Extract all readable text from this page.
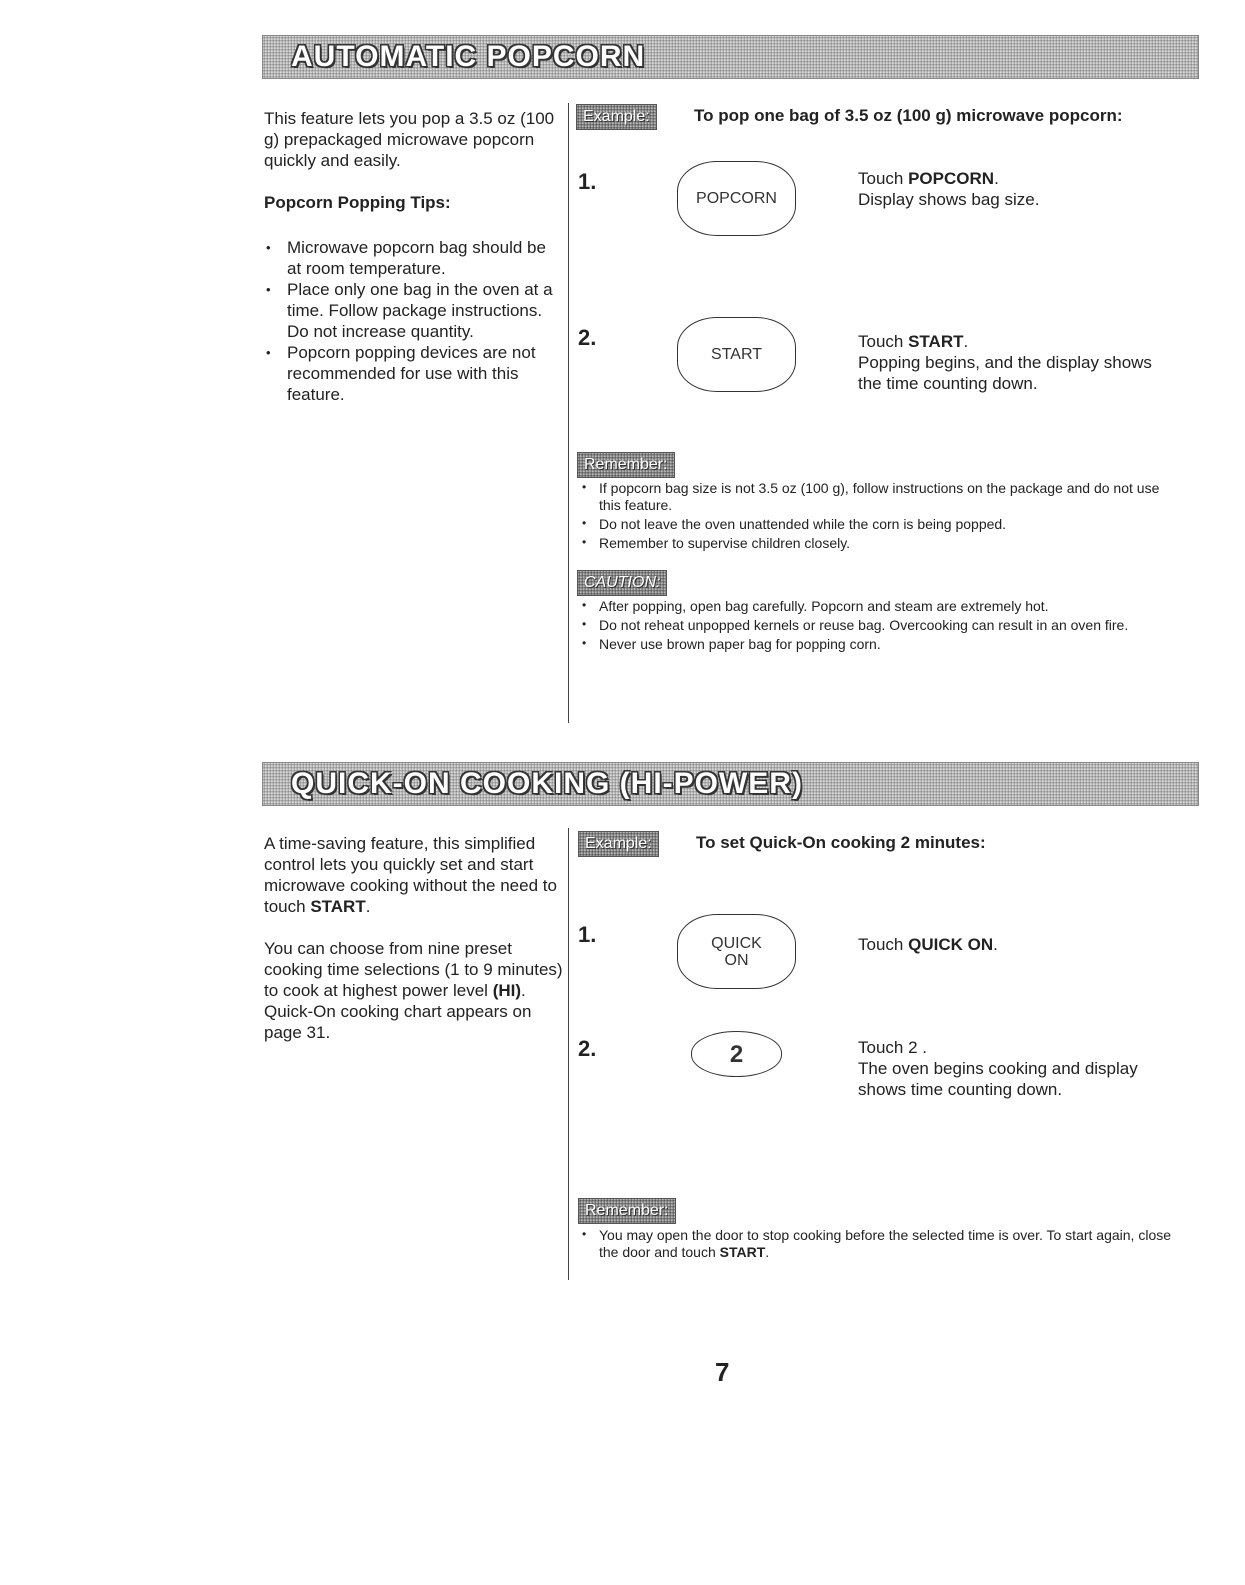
AUTOMATIC POPCORN

This feature lets you pop a 3.5 oz (100 g) prepackaged microwave popcorn quickly and easily.

Popcorn Popping Tips:

• Microwave popcorn bag should be at room temperature.
• Place only one bag in the oven at a time. Follow package instructions. Do not increase quantity.
• Popcorn popping devices are not recommended for use with this feature.
Example:	To pop one bag of 3.5 oz (100 g) microwave popcorn:
1.
POPCORN
Touch POPCORN.
Display shows bag size.
2.
START
Touch START.
Popping begins, and the display shows the time counting down.
Remember:
• If popcorn bag size is not 3.5 oz (100 g), follow instructions on the package and do not use this feature.
• Do not leave the oven unattended while the corn is being popped.
• Remember to supervise children closely.
CAUTION:
• After popping, open bag carefully. Popcorn and steam are extremely hot.
• Do not reheat unpopped kernels or reuse bag. Overcooking can result in an oven fire.
• Never use brown paper bag for popping corn.
QUICK-ON COOKING (HI-POWER)

A time-saving feature, this simplified control lets you quickly set and start microwave cooking without the need to touch START.

You can choose from nine preset cooking time selections (1 to 9 minutes) to cook at highest power level (HI). Quick-On cooking chart appears on page 31.

Example:	To set Quick-On cooking 2 minutes:
1.	QUICK
ON
Touch QUICK ON.
2.	2	Touch 2 .
The oven begins cooking and display shows time counting down.
Remember:
• You may open the door to stop cooking before the selected time is over. To start again, close the door and touch START.
7
